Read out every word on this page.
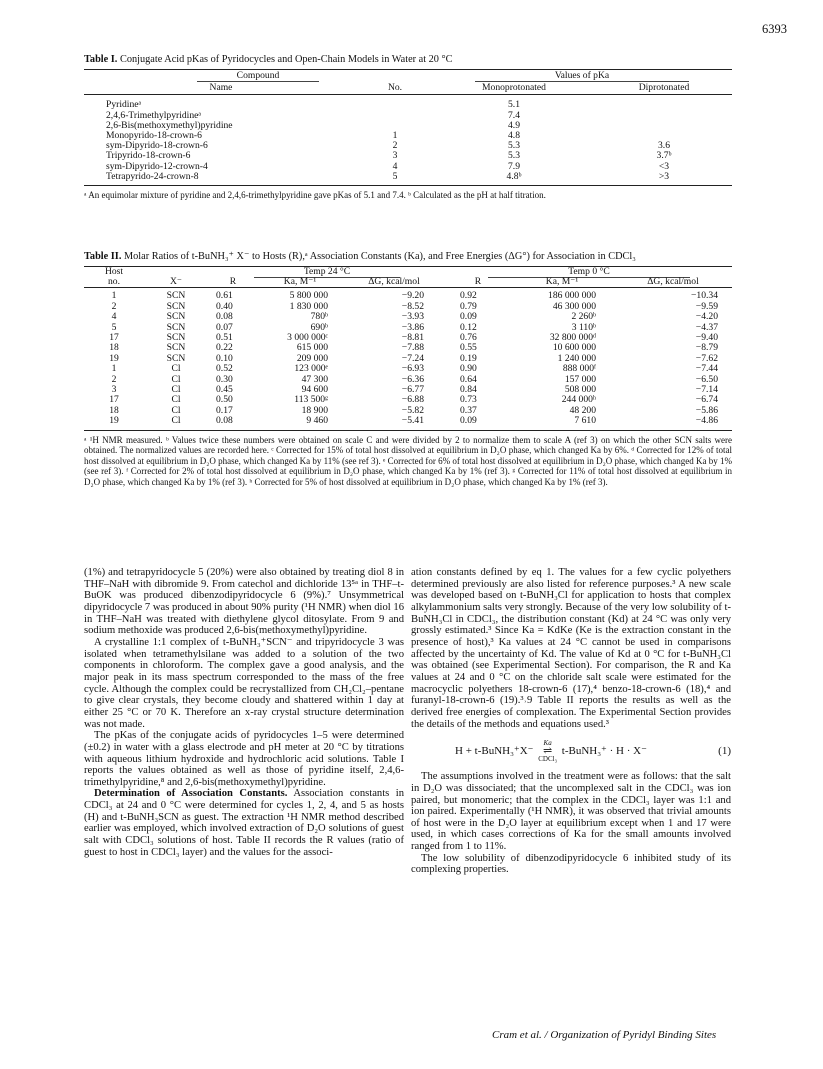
6393
Table I. Conjugate Acid pKas of Pyridocycles and Open-Chain Models in Water at 20 °C
Compound		Values of pKa	
Name	No.	Monoprotonated	Diprotonated
Pyridineᵃ		5.1	
2,4,6-Trimethylpyridineᵃ		7.4	
2,6-Bis(methoxymethyl)pyridine		4.9	
Monopyrido-18-crown-6	1	4.8	
sym-Dipyrido-18-crown-6	2	5.3	3.6
Tripyrido-18-crown-6	3	5.3	3.7ᵇ
sym-Dipyrido-12-crown-4	4	7.9	<3
Tetrapyrido-24-crown-8	5	4.8ᵇ	>3
ᵃ An equimolar mixture of pyridine and 2,4,6-trimethylpyridine gave pKas of 5.1 and 7.4. ᵇ Calculated as the pH at half titration.
Table II. Molar Ratios of t-BuNH₃⁺ X⁻ to Hosts (R),ᵃ Association Constants (Ka), and Free Energies (ΔG°) for Association in CDCl₃
Host		Temp 24 °C			Temp 0 °C		
no.	X⁻	R	Ka, M⁻¹	ΔG, kcal/mol	R	Ka, M⁻¹	ΔG, kcal/mol
1	SCN	0.61	5 800 000	−9.20	0.92	186 000 000	−10.34
2	SCN	0.40	1 830 000	−8.52	0.79	46 300 000	−9.59
4	SCN	0.08	780ᵇ	−3.93	0.09	2 260ᵇ	−4.20
5	SCN	0.07	690ᵇ	−3.86	0.12	3 110ᵇ	−4.37
17	SCN	0.51	3 000 000ᶜ	−8.81	0.76	32 800 000ᵈ	−9.40
18	SCN	0.22	615 000	−7.88	0.55	10 600 000	−8.79
19	SCN	0.10	209 000	−7.24	0.19	1 240 000	−7.62
1	Cl	0.52	123 000ᵉ	−6.93	0.90	888 000ᶠ	−7.44
2	Cl	0.30	47 300	−6.36	0.64	157 000	−6.50
3	Cl	0.45	94 600	−6.77	0.84	508 000	−7.14
17	Cl	0.50	113 500ᵍ	−6.88	0.73	244 000ʰ	−6.74
18	Cl	0.17	18 900	−5.82	0.37	48 200	−5.86
19	Cl	0.08	9 460	−5.41	0.09	7 610	−4.86
ᵃ ¹H NMR measured. ᵇ Values twice these numbers were obtained on scale C and were divided by 2 to normalize them to scale A (ref 3) on which the other SCN salts were obtained. The normalized values are recorded here. ᶜ Corrected for 15% of total host dissolved at equilibrium in D₂O phase, which changed Ka by 6%. ᵈ Corrected for 12% of total host dissolved at equilibrium in D₂O phase, which changed Ka by 11% (see ref 3). ᵉ Corrected for 6% of total host dissolved at equilibrium in D₂O phase, which changed Ka by 1% (see ref 3). ᶠ Corrected for 2% of total host dissolved at equilibrium in D₂O phase, which changed Ka by 1% (ref 3). ᵍ Corrected for 11% of total host dissolved at equilibrium in D₂O phase, which changed Ka by 1% (ref 3). ʰ Corrected for 5% of host dissolved at equilibrium in D₂O phase, which changed Ka by 1% (ref 3).

(1%) and tetrapyridocycle 5 (20%) were also obtained by treating diol 8 in THF–NaH with dibromide 9. From catechol and dichloride 13⁵ᵃ in THF–t-BuOK was produced dibenzodipyridocycle 6 (9%).⁷ Unsymmetrical dipyridocycle 7 was produced in about 90% purity (¹H NMR) when diol 16 in THF–NaH was treated with diethylene glycol ditosylate. From 9 and sodium methoxide was produced 2,6-bis(methoxymethyl)pyridine.

A crystalline 1:1 complex of t-BuNH₃⁺SCN⁻ and tripyridocycle 3 was isolated when tetramethylsilane was added to a solution of the two components in chloroform. The complex gave a good analysis, and the major peak in its mass spectrum corresponded to the mass of the free cycle. Although the complex could be recrystallized from CH₂Cl₂–pentane to give clear crystals, they become cloudy and shattered within 1 day at either 25 °C or 70 K. Therefore an x-ray crystal structure determination was not made.

The pKas of the conjugate acids of pyridocycles 1–5 were determined (±0.2) in water with a glass electrode and pH meter at 20 °C by titrations with aqueous lithium hydroxide and hydrochloric acid solutions. Table I reports the values obtained as well as those of pyridine itself, 2,4,6-trimethylpyridine,⁸ and 2,6-bis(methoxymethyl)pyridine.

Determination of Association Constants. Association constants in CDCl₃ at 24 and 0 °C were determined for cycles 1, 2, 4, and 5 as hosts (H) and t-BuNH₃SCN as guest. The extraction ¹H NMR method described earlier was employed, which involved extraction of D₂O solutions of guest salt with CDCl₃ solutions of host. Table II records the R values (ratio of guest to host in CDCl₃ layer) and the values for the associ-

ation constants defined by eq 1. The values for a few cyclic polyethers determined previously are also listed for reference purposes.³ A new scale was developed based on t-BuNH₃Cl for application to hosts that complex alkylammonium salts very strongly. Because of the very low solubility of t-BuNH₃Cl in CDCl₃, the distribution constant (Kd) at 24 °C was only very grossly estimated.³ Since Ka = KdKe (Ke is the extraction constant in the presence of host),³ Ka values at 24 °C cannot be used in comparisons affected by the uncertainty of Kd. The value of Kd at 0 °C for t-BuNH₃Cl was obtained (see Experimental Section). For comparison, the R and Ka values at 24 and 0 °C on the chloride salt scale were estimated for the macrocyclic polyethers 18-crown-6 (17),⁴ benzo-18-crown-6 (18),⁴ and furanyl-18-crown-6 (19).³˒9 Table II reports the results as well as the derived free energies of complexation. The Experimental Section provides the details of the methods and equations used.³

H + t-BuNH₃⁺X⁻
Ka
⇌
CDCl₃
t-BuNH₃⁺ · H · X⁻	(1)

The assumptions involved in the treatment were as follows: that the salt in D₂O was dissociated; that the uncomplexed salt in the CDCl₃ was ion paired, but monomeric; that the complex in the CDCl₃ layer was 1:1 and ion paired. Experimentally (¹H NMR), it was observed that trivial amounts of host were in the D₂O layer at equilibrium except when 1 and 17 were used, in which cases corrections of Ka for the small amounts involved ranged from 1 to 11%.

The low solubility of dibenzodipyridocycle 6 inhibited study of its complexing properties.

Cram et al. / Organization of Pyridyl Binding Sites
